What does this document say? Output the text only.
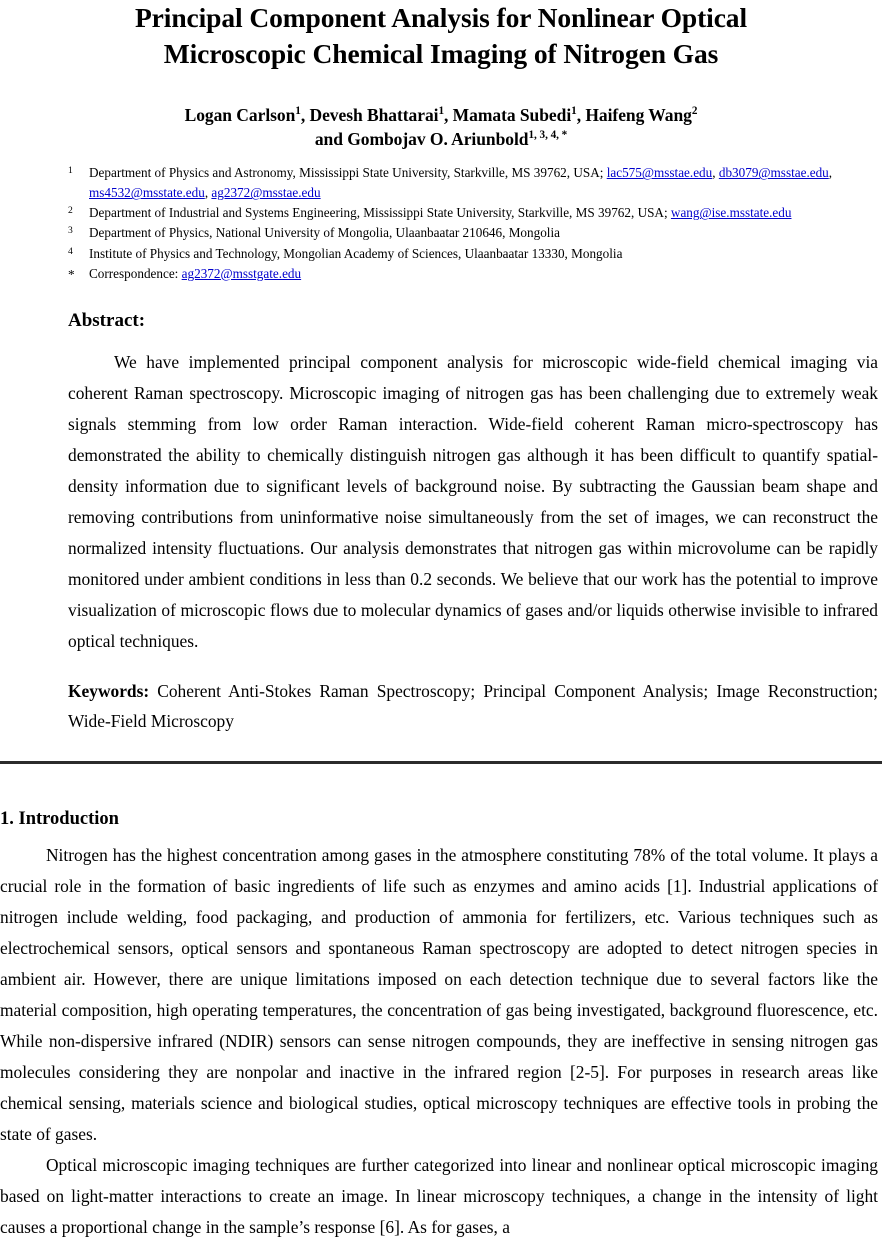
Principal Component Analysis for Nonlinear Optical
Microscopic Chemical Imaging of Nitrogen Gas
Logan Carlson$^1$, Devesh Bhattarai$^1$, Mamata Subedi$^1$, Haifeng Wang$^2$
and Gombojav O. Ariunbold$^{1, 3, 4, *}$
1	Department of Physics and Astronomy, Mississippi State University, Starkville, MS 39762, USA; lac575@msstae.edu, db3079@msstae.edu, ms4532@msstate.edu, ag2372@msstae.edu
2	Department of Industrial and Systems Engineering, Mississippi State University, Starkville, MS 39762, USA; wang@ise.msstate.edu
3	Department of Physics, National University of Mongolia, Ulaanbaatar 210646, Mongolia
4	Institute of Physics and Technology, Mongolian Academy of Sciences, Ulaanbaatar 13330, Mongolia
*	Correspondence: ag2372@msstgate.edu
Abstract:
We have implemented principal component analysis for microscopic wide-field chemical imaging via coherent Raman spectroscopy. Microscopic imaging of nitrogen gas has been challenging due to extremely weak signals stemming from low order Raman interaction. Wide-field coherent Raman micro-spectroscopy has demonstrated the ability to chemically distinguish nitrogen gas although it has been difficult to quantify spatial-density information due to significant levels of background noise. By subtracting the Gaussian beam shape and removing contributions from uninformative noise simultaneously from the set of images, we can reconstruct the normalized intensity fluctuations. Our analysis demonstrates that nitrogen gas within microvolume can be rapidly monitored under ambient conditions in less than 0.2 seconds. We believe that our work has the potential to improve visualization of microscopic flows due to molecular dynamics of gases and/or liquids otherwise invisible to infrared optical techniques.
Keywords: Coherent Anti-Stokes Raman Spectroscopy; Principal Component Analysis; Image Reconstruction; Wide-Field Microscopy
1. Introduction

Nitrogen has the highest concentration among gases in the atmosphere constituting 78% of the total volume. It plays a crucial role in the formation of basic ingredients of life such as enzymes and amino acids [1]. Industrial applications of nitrogen include welding, food packaging, and production of ammonia for fertilizers, etc. Various techniques such as electrochemical sensors, optical sensors and spontaneous Raman spectroscopy are adopted to detect nitrogen species in ambient air. However, there are unique limitations imposed on each detection technique due to several factors like the material composition, high operating temperatures, the concentration of gas being investigated, background fluorescence, etc. While non-dispersive infrared (NDIR) sensors can sense nitrogen compounds, they are ineffective in sensing nitrogen gas molecules considering they are nonpolar and inactive in the infrared region [2-5]. For purposes in research areas like chemical sensing, materials science and biological studies, optical microscopy techniques are effective tools in probing the state of gases.

Optical microscopic imaging techniques are further categorized into linear and nonlinear optical microscopic imaging based on light-matter interactions to create an image. In linear microscopy techniques, a change in the intensity of light causes a proportional change in the sample’s response [6]. As for gases, a
